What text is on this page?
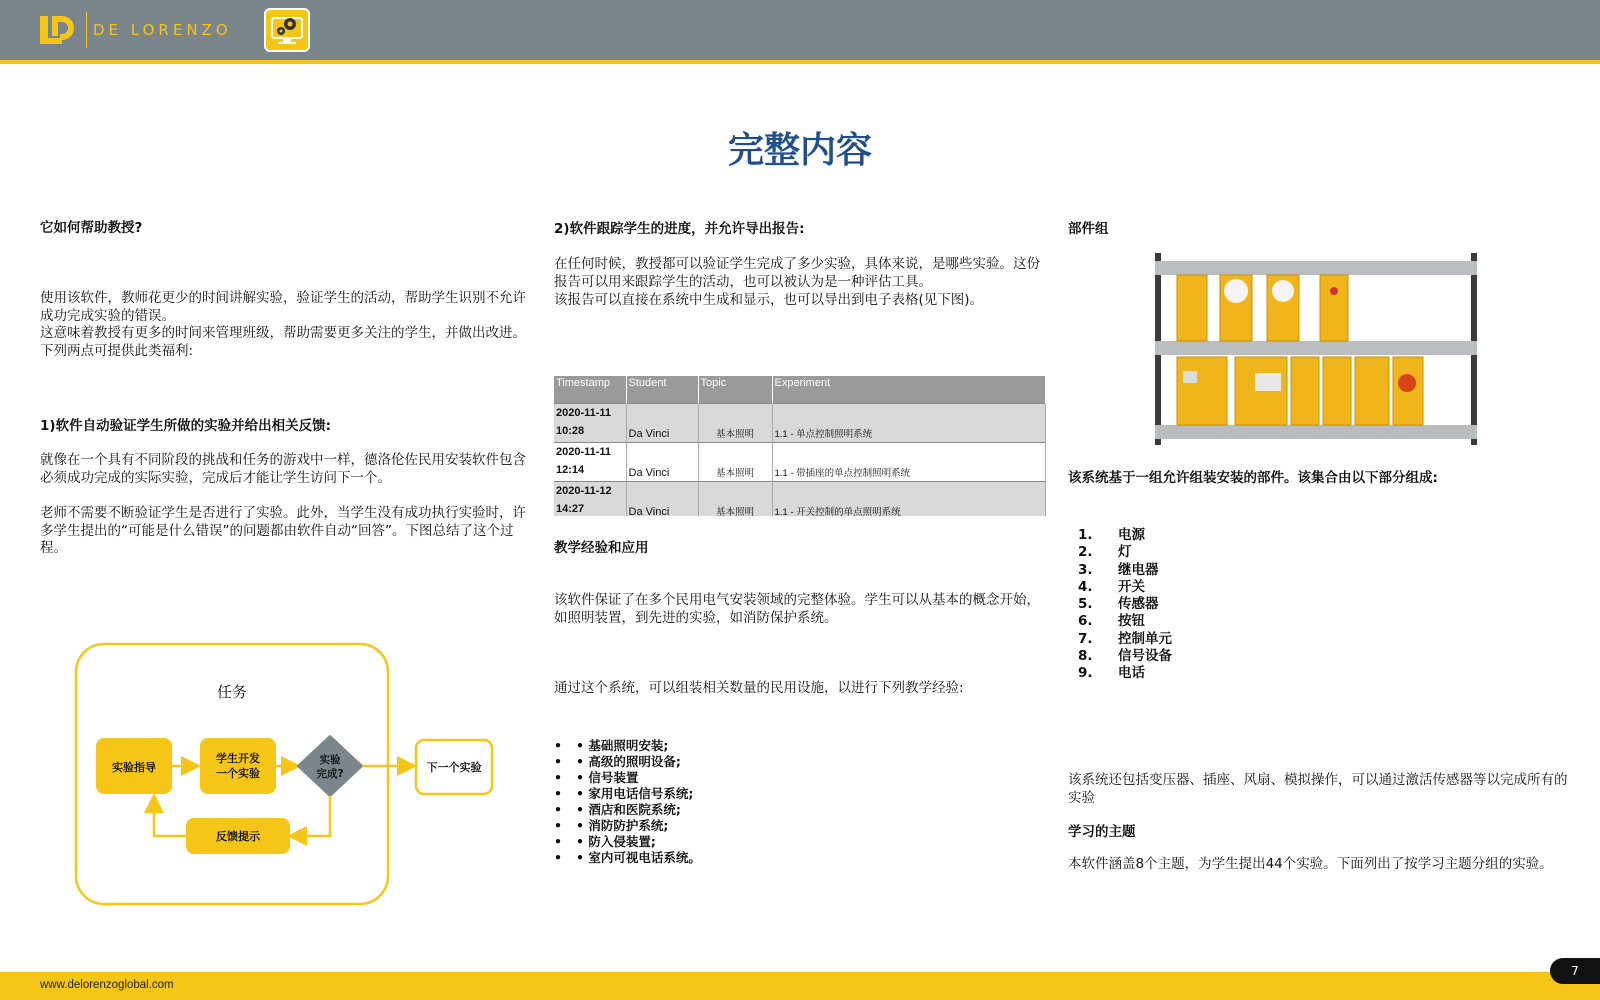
DE LORENZO
完整内容
它如何帮助教授?
使用该软件，教师花更少的时间讲解实验，验证学生的活动，帮助学生识别不允许成功完成实验的错误。
这意味着教授有更多的时间来管理班级，帮助需要更多关注的学生，并做出改进。下列两点可提供此类福利:
1)软件自动验证学生所做的实验并给出相关反馈:
就像在一个具有不同阶段的挑战和任务的游戏中一样，德洛伦佐民用安装软件包含必须成功完成的实际实验，完成后才能让学生访问下一个。
老师不需要不断验证学生是否进行了实验。此外，当学生没有成功执行实验时，许多学生提出的“可能是什么错误”的问题都由软件自动“回答”。下图总结了这个过程。
任务
实验指导
学生开发
一个实验
实验
完成?	下一个实验
反馈提示
2)软件跟踪学生的进度，并允许导出报告:
在任何时候，教授都可以验证学生完成了多少实验，具体来说，是哪些实验。这份报告可以用来跟踪学生的活动，也可以被认为是一种评估工具。
该报告可以直接在系统中生成和显示，也可以导出到电子表格(见下图)。
Timestamp	Student	Topic	Experiment
2020-11-11
10:28	Da Vinci	基本照明	1.1 - 单点控制照明系统
2020-11-11
12:14	Da Vinci	基本照明	1.1 - 带插座的单点控制照明系统
2020-11-12
14:27	Da Vinci	基本照明	1.1 - 开关控制的单点照明系统
教学经验和应用
该软件保证了在多个民用电气安装领域的完整体验。学生可以从基本的概念开始，如照明装置，到先进的实验，如消防保护系统。
通过这个系统，可以组装相关数量的民用设施，以进行下列教学经验:
• • 基础照明安装;
• • 高级的照明设备;
• • 信号装置
• • 家用电话信号系统;
• • 酒店和医院系统;
• • 消防防护系统;
• • 防入侵装置;
• • 室内可视电话系统。
部件组
该系统基于一组允许组装安装的部件。该集合由以下部分组成:
1. 电源
2. 灯
3. 继电器
4. 开关
5. 传感器
6. 按钮
7. 控制单元
8. 信号设备
9. 电话
该系统还包括变压器、插座、风扇、模拟操作，可以通过激活传感器等以完成所有的实验
学习的主题
本软件涵盖8个主题，为学生提出44个实验。下面列出了按学习主题分组的实验。
www.delorenzoglobal.com
7
